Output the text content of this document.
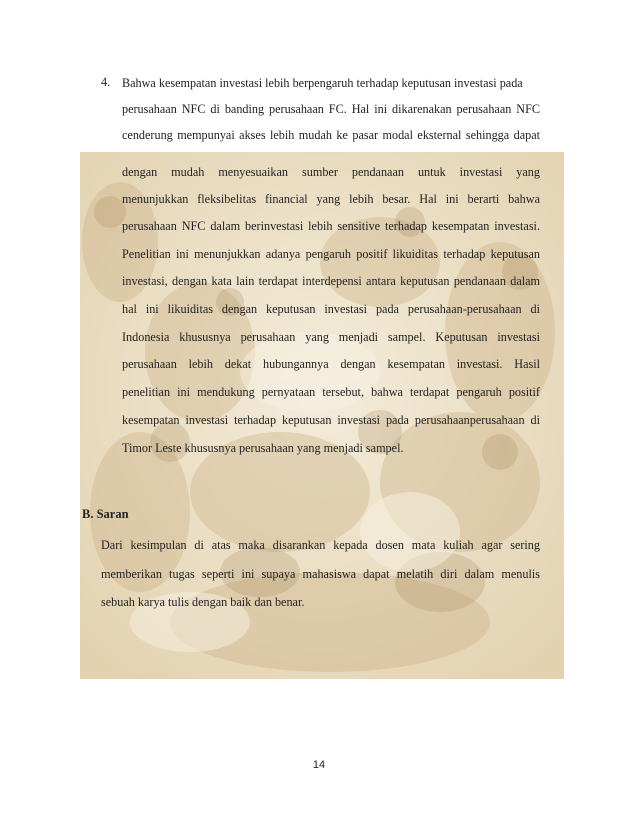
4. Bahwa kesempatan investasi lebih berpengaruh terhadap keputusan investasi pada
perusahaan NFC di banding perusahaan FC. Hal ini dikarenakan perusahaan NFC
cenderung mempunyai akses lebih mudah ke pasar modal eksternal sehingga dapat
dengan mudah menyesuaikan sumber pendanaan untuk investasi yang
menunjukkan fleksibelitas financial yang lebih besar. Hal ini berarti bahwa
perusahaan NFC dalam berinvestasi lebih sensitive terhadap kesempatan investasi.
Penelitian ini menunjukkan adanya pengaruh positif likuiditas terhadap keputusan
investasi, dengan kata lain terdapat interdepensi antara keputusan pendanaan dalam
hal ini likuiditas dengan keputusan investasi pada perusahaan-perusahaan di
Indonesia khususnya perusahaan yang menjadi sampel. Keputusan investasi
perusahaan lebih dekat hubungannya dengan kesempatan investasi. Hasil
penelitian ini mendukung pernyataan tersebut, bahwa terdapat pengaruh positif
kesempatan investasi terhadap keputusan investasi pada perusahaanperusahaan di
Timor Leste khususnya perusahaan yang menjadi sampel.
B. Saran
Dari kesimpulan di atas maka disarankan kepada dosen mata kuliah agar sering
memberikan tugas seperti ini supaya mahasiswa dapat melatih diri dalam menulis
sebuah karya tulis dengan baik dan benar.
14
